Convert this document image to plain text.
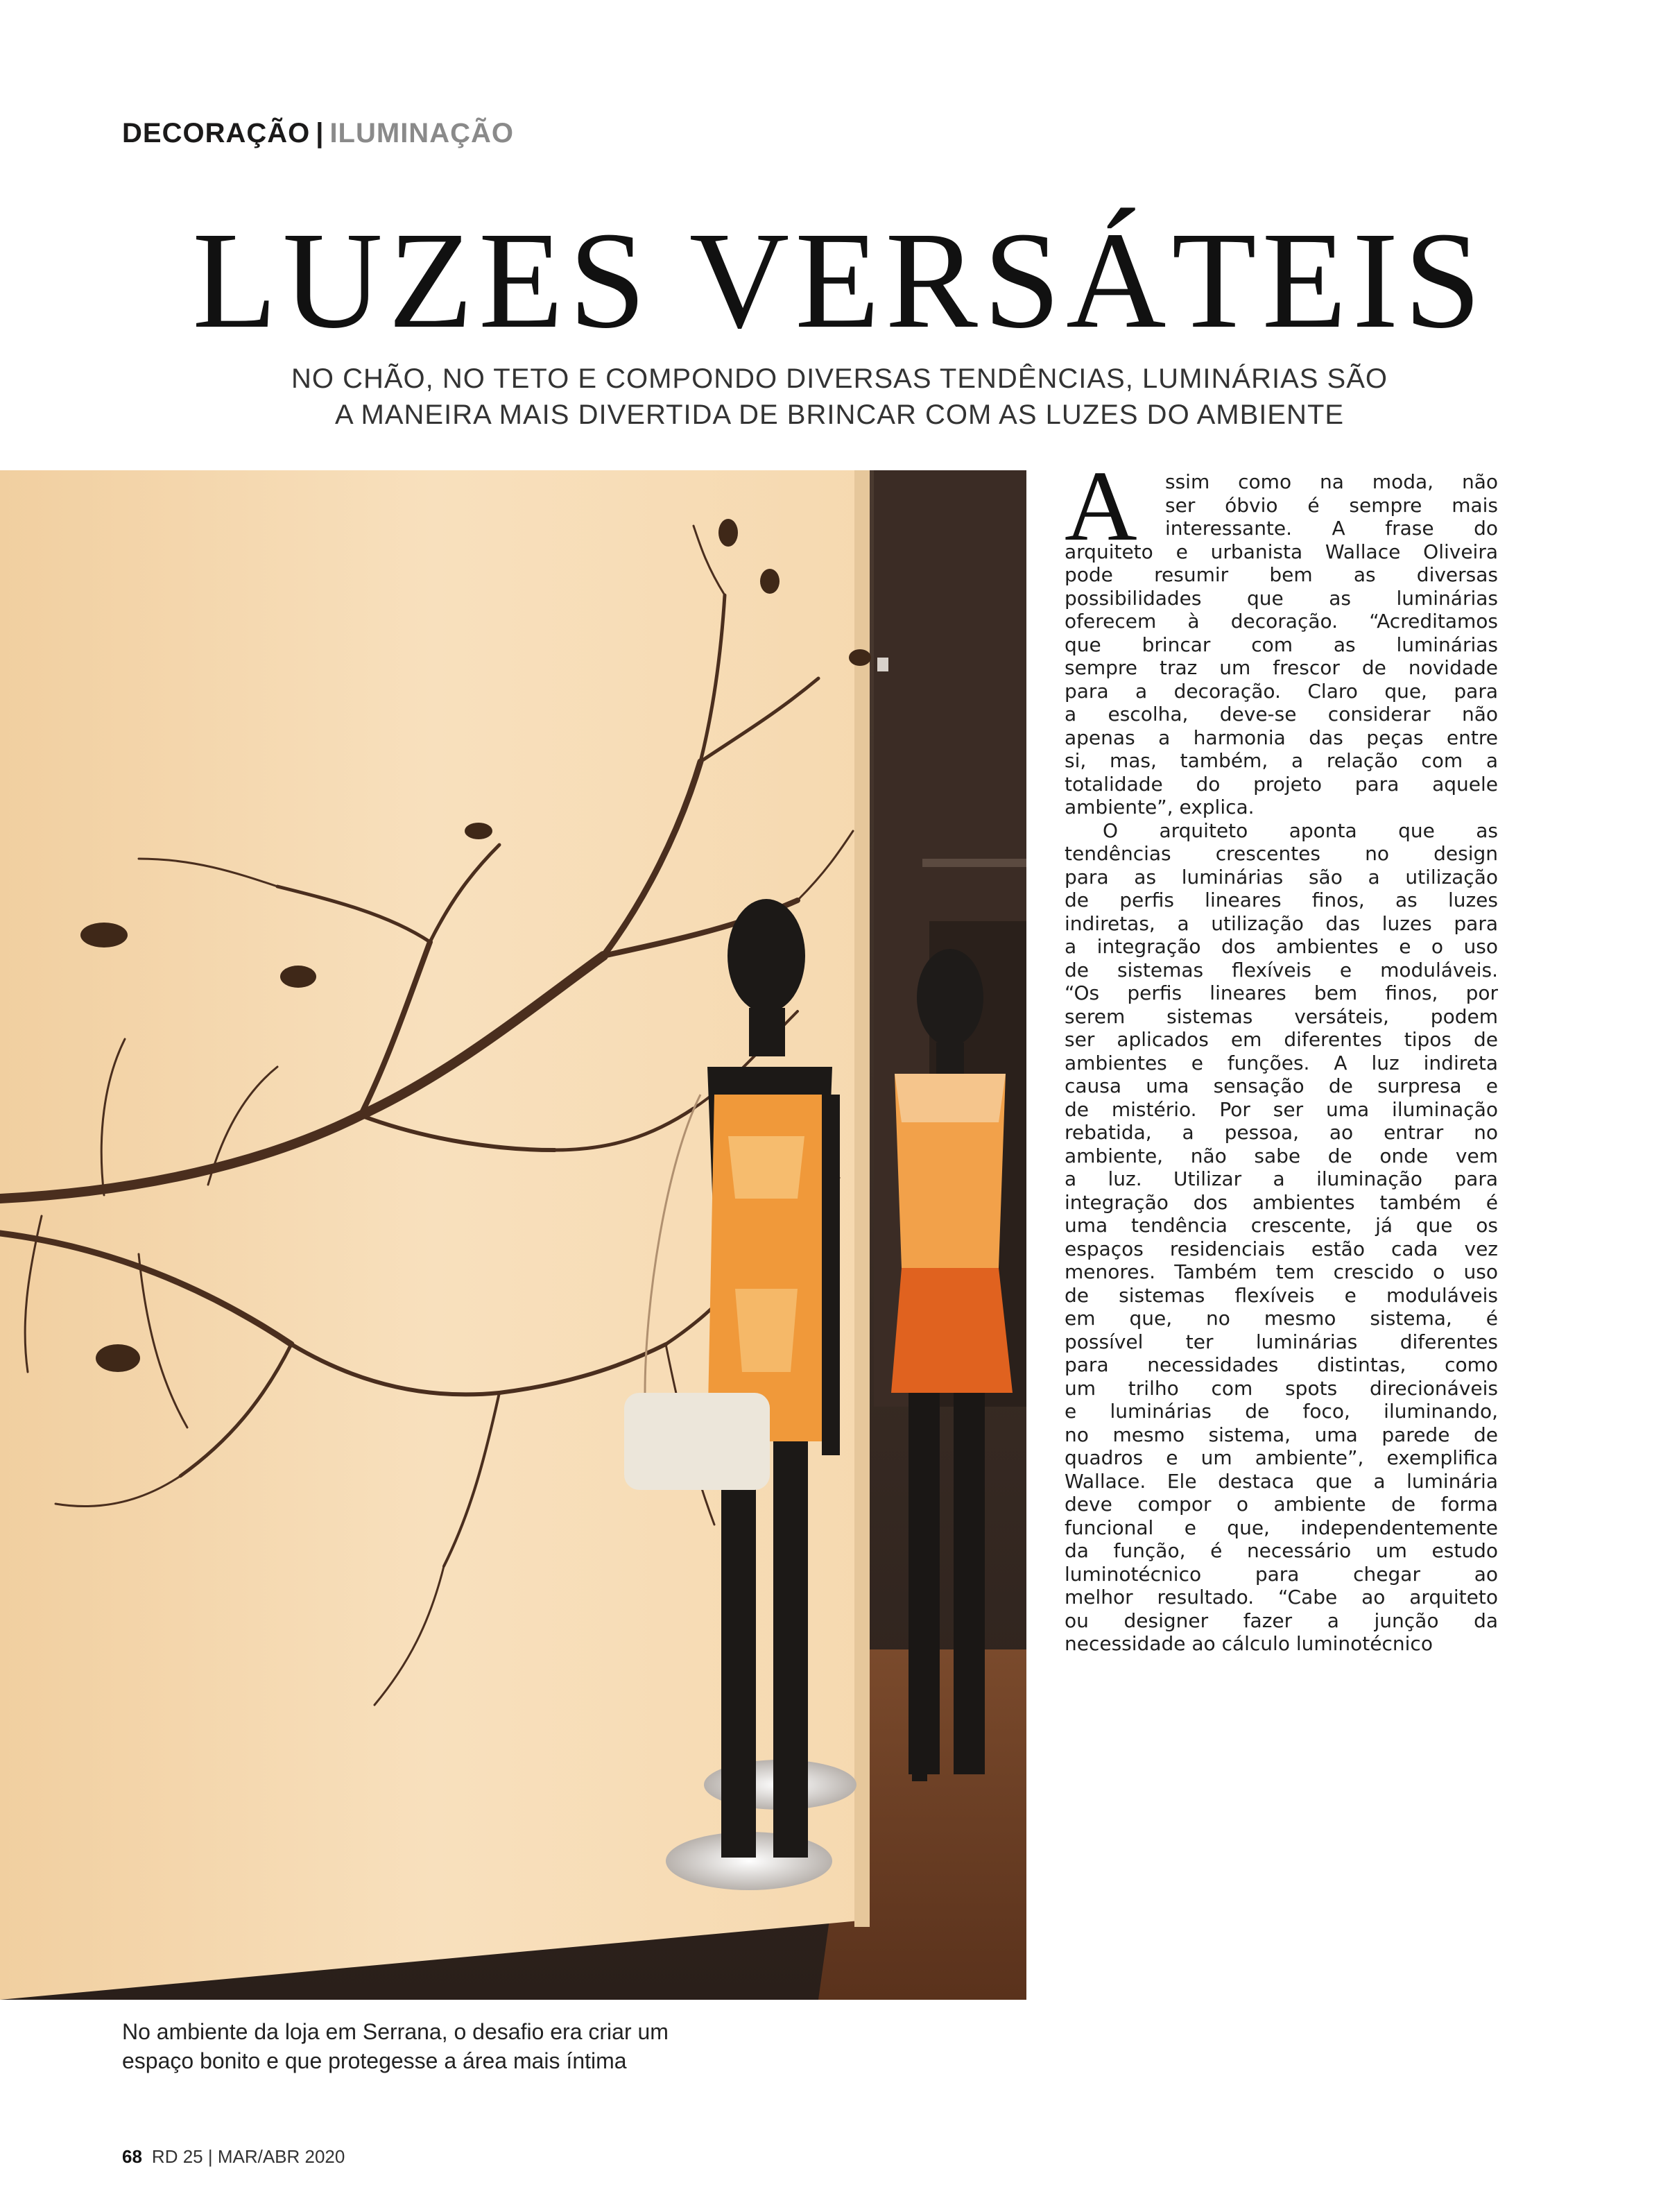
DECORAÇÃO | ILUMINAÇÃO
LUZES VERSÁTEIS
NO CHÃO, NO TETO E COMPONDO DIVERSAS TENDÊNCIAS, LUMINÁRIAS SÃO
A MANEIRA MAIS DIVERTIDA DE BRINCAR COM AS LUZES DO AMBIENTE
No ambiente da loja em Serrana, o desafio era criar um
espaço bonito e que protegesse a área mais íntima
68 RD 25 | MAR/ABR 2020
A	ssim como na moda, não
ser óbvio é sempre mais
interessante. A frase do
arquiteto e urbanista Wallace Oliveira
pode resumir bem as diversas
possibilidades que as luminárias
oferecem à decoração. “Acreditamos
que brincar com as luminárias
sempre traz um frescor de novidade
para a decoração. Claro que, para
a escolha, deve-se considerar não
apenas a harmonia das peças entre
si, mas, também, a relação com a
totalidade do projeto para aquele
ambiente”, explica.
O arquiteto aponta que as
tendências crescentes no design
para as luminárias são a utilização
de perfis lineares finos, as luzes
indiretas, a utilização das luzes para
a integração dos ambientes e o uso
de sistemas flexíveis e moduláveis.
“Os perfis lineares bem finos, por
serem sistemas versáteis, podem
ser aplicados em diferentes tipos de
ambientes e funções. A luz indireta
causa uma sensação de surpresa e
de mistério. Por ser uma iluminação
rebatida, a pessoa, ao entrar no
ambiente, não sabe de onde vem
a luz. Utilizar a iluminação para
integração dos ambientes também é
uma tendência crescente, já que os
espaços residenciais estão cada vez
menores. Também tem crescido o uso
de sistemas flexíveis e moduláveis
em que, no mesmo sistema, é
possível ter luminárias diferentes
para necessidades distintas, como
um trilho com spots direcionáveis
e luminárias de foco, iluminando,
no mesmo sistema, uma parede de
quadros e um ambiente”, exemplifica
Wallace. Ele destaca que a luminária
deve compor o ambiente de forma
funcional e que, independentemente
da função, é necessário um estudo
luminotécnico para chegar ao
melhor resultado. “Cabe ao arquiteto
ou designer fazer a junção da
necessidade ao cálculo luminotécnico
